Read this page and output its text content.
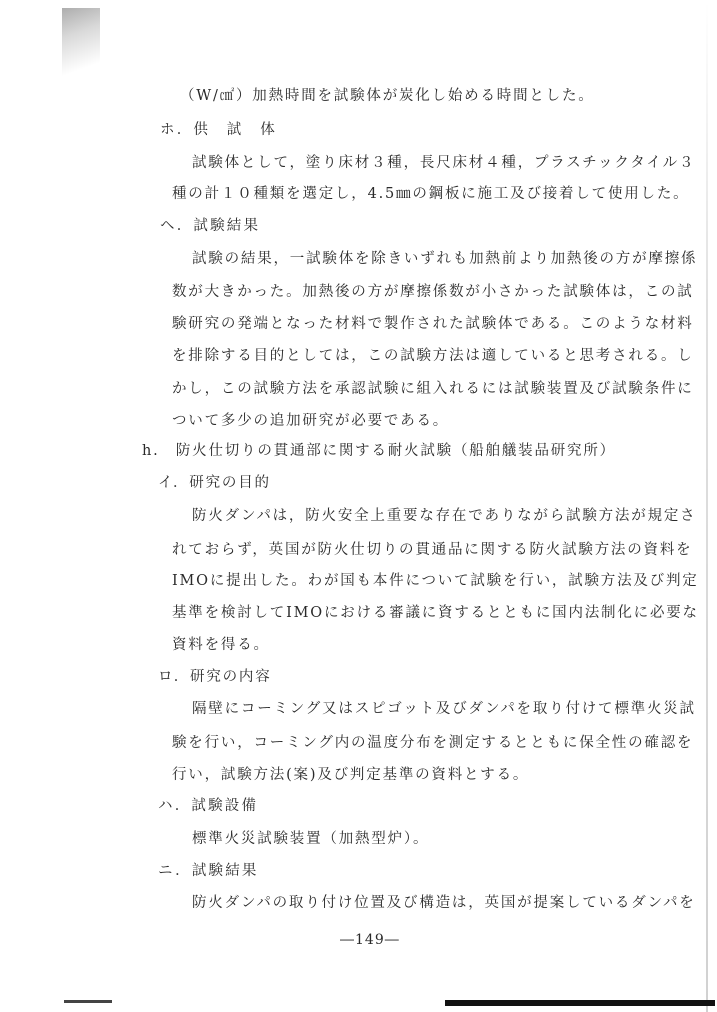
（W/㎠）加熱時間を試験体が炭化し始める時間とした。
ホ．供　試　体
試験体として，塗り床材３種，長尺床材４種，プラスチックタイル３
種の計１０種類を選定し，4.5㎜の鋼板に施工及び接着して使用した。
ヘ．試験結果
試験の結果，一試験体を除きいずれも加熱前より加熱後の方が摩擦係
数が大きかった。加熱後の方が摩擦係数が小さかった試験体は，この試
験研究の発端となった材料で製作された試験体である。このような材料
を排除する目的としては，この試験方法は適していると思考される。し
かし，この試験方法を承認試験に組入れるには試験装置及び試験条件に
ついて多少の追加研究が必要である。
h.　防火仕切りの貫通部に関する耐火試験（船舶艤装品研究所）
イ．研究の目的
防火ダンパは，防火安全上重要な存在でありながら試験方法が規定さ
れておらず，英国が防火仕切りの貫通品に関する防火試験方法の資料を
IMOに提出した。わが国も本件について試験を行い，試験方法及び判定
基準を検討してIMOにおける審議に資するとともに国内法制化に必要な
資料を得る。
ロ．研究の内容
隔壁にコーミング又はスピゴット及びダンパを取り付けて標準火災試
験を行い，コーミング内の温度分布を測定するとともに保全性の確認を
行い，試験方法(案)及び判定基準の資料とする。
ハ．試験設備
標準火災試験装置（加熱型炉）。
ニ．試験結果
防火ダンパの取り付け位置及び構造は，英国が提案しているダンパを
―149―
